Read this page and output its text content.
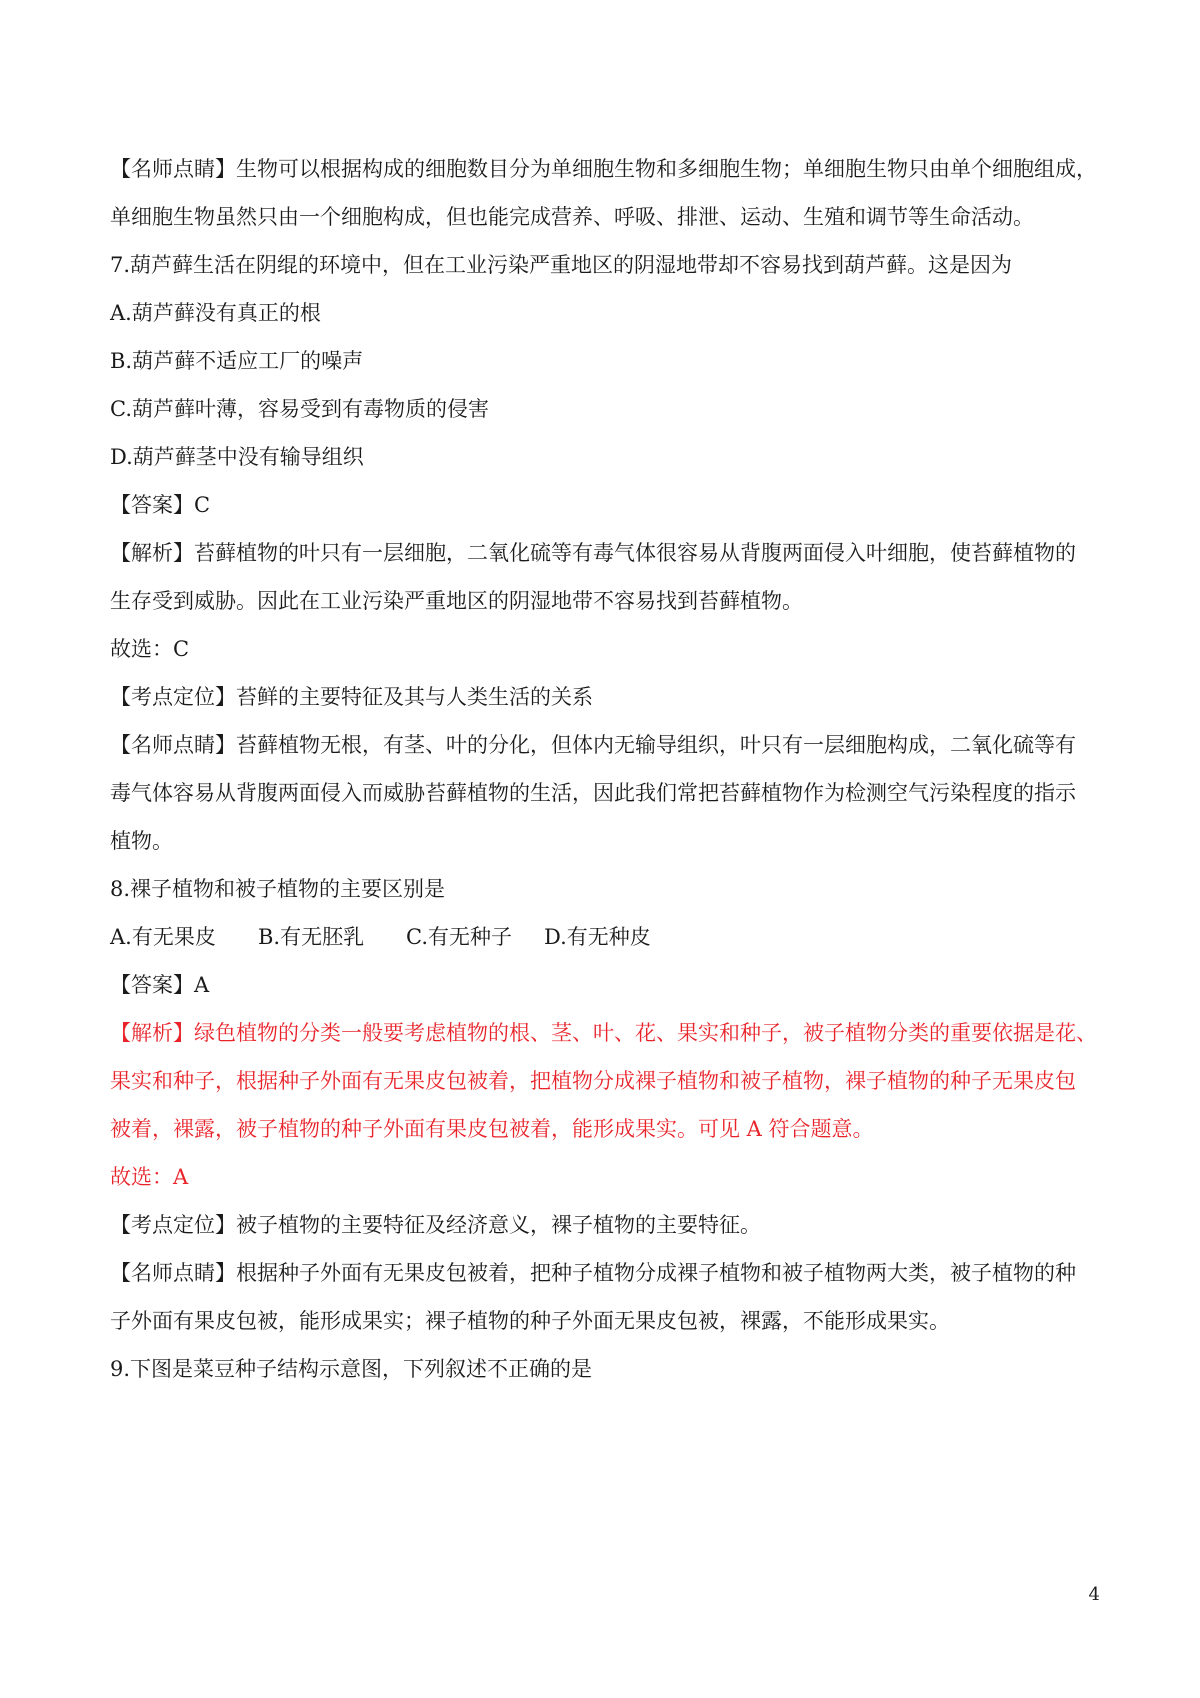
【名师点睛】生物可以根据构成的细胞数目分为单细胞生物和多细胞生物；单细胞生物只由单个细胞组成，

单细胞生物虽然只由一个细胞构成，但也能完成营养、呼吸、排泄、运动、生殖和调节等生命活动。

7.葫芦藓生活在阴绲的环境中，但在工业污染严重地区的阴湿地带却不容易找到葫芦藓。这是因为

A.葫芦藓没有真正的根

B.葫芦藓不适应工厂的噪声

C.葫芦藓叶薄，容易受到有毒物质的侵害

D.葫芦藓茎中没有输导组织

【答案】C

【解析】苔藓植物的叶只有一层细胞，二氧化硫等有毒气体很容易从背腹两面侵入叶细胞，使苔藓植物的

生存受到威胁。因此在工业污染严重地区的阴湿地带不容易找到苔藓植物。

故选：C

【考点定位】苔鲜的主要特征及其与人类生活的关系

【名师点睛】苔藓植物无根，有茎、叶的分化，但体内无输导组织，叶只有一层细胞构成，二氧化硫等有

毒气体容易从背腹两面侵入而威胁苔藓植物的生活，因此我们常把苔藓植物作为检测空气污染程度的指示

植物。

8.裸子植物和被子植物的主要区别是

A.有无果皮	B.有无胚乳	C.有无种子	D.有无种皮

【答案】A

【解析】绿色植物的分类一般要考虑植物的根、茎、叶、花、果实和种子，被子植物分类的重要依据是花、

果实和种子，根据种子外面有无果皮包被着，把植物分成裸子植物和被子植物，裸子植物的种子无果皮包

被着，裸露，被子植物的种子外面有果皮包被着，能形成果实。可见 A 符合题意。

故选：A

【考点定位】被子植物的主要特征及经济意义，裸子植物的主要特征。

【名师点睛】根据种子外面有无果皮包被着，把种子植物分成裸子植物和被子植物两大类，被子植物的种

子外面有果皮包被，能形成果实；裸子植物的种子外面无果皮包被，裸露，不能形成果实。

9.下图是菜豆种子结构示意图，下列叙述不正确的是

4
